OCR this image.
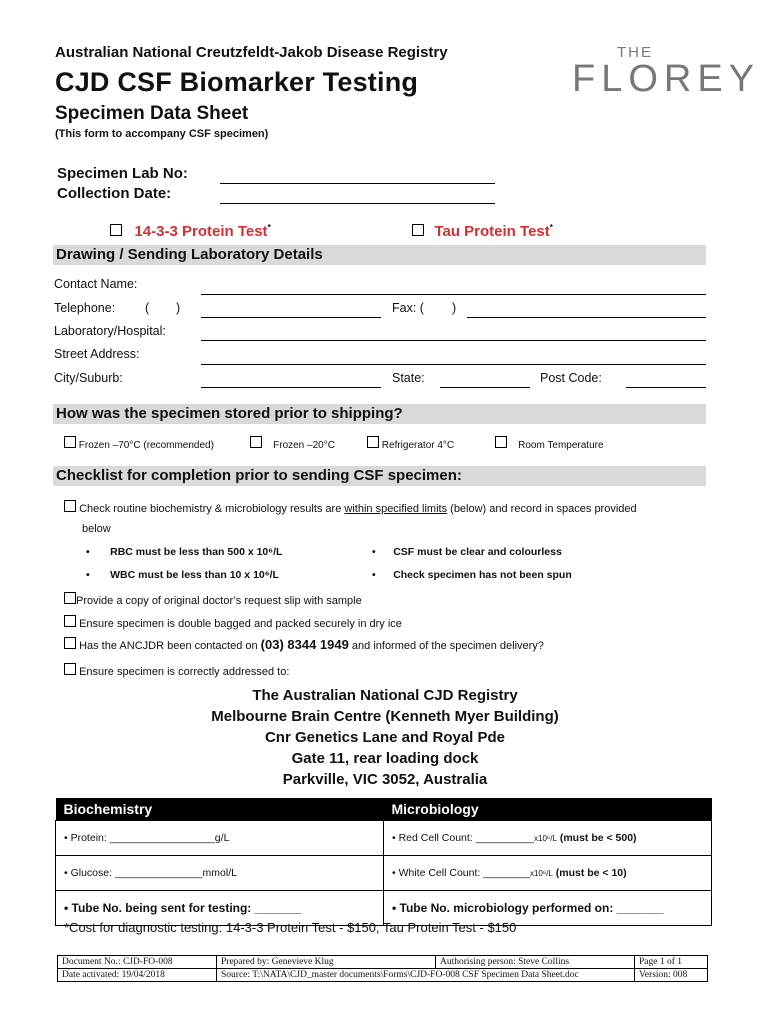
Australian National Creutzfeldt-Jakob Disease Registry
CJD CSF Biomarker Testing
Specimen Data Sheet
(This form to accompany CSF specimen)
THE
FLOREY
Specimen Lab No:
Collection Date:
14-3-3 Protein Test*	Tau Protein Test*
Drawing / Sending Laboratory Details
Contact Name:
Telephone: ( )	Fax: ( )
Laboratory/Hospital:
Street Address:
City/Suburb:	State:	Post Code:
How was the specimen stored prior to shipping?
Frozen –70°C (recommended)	Frozen –20°C	Refrigerator 4°C	Room Temperature
Checklist for completion prior to sending CSF specimen:
Check routine biochemistry & microbiology results are within specified limits (below) and record in spaces provided
below
•       RBC must be less than 500 x 10⁶/L	•      CSF must be clear and colourless
•       WBC must be less than 10 x 10⁶/L	•      Check specimen has not been spun
Provide a copy of original doctor’s request slip with sample
Ensure specimen is double bagged and packed securely in dry ice
Has the ANCJDR been contacted on (03) 8344 1949 and informed of the specimen delivery?
Ensure specimen is correctly addressed to:
The Australian National CJD Registry
Melbourne Brain Centre (Kenneth Myer Building)
Cnr Genetics Lane and Royal Pde
Gate 11, rear loading dock
Parkville, VIC 3052, Australia
Biochemistry	Microbiology
• Protein: __________________g/L	• Red Cell Count: __________x10⁶/L (must be < 500)
• Glucose: _______________mmol/L	• White Cell Count: ________x10⁶/L (must be < 10)
• Tube No. being sent for testing: _______	• Tube No. microbiology performed on: _______
*Cost for diagnostic testing: 14-3-3 Protein Test - $150, Tau Protein Test - $150
Document No.: CJD-FO-008	Prepared by: Genevieve Klug	Authorising person: Steve Collins	Page 1 of 1
Date activated: 19/04/2018	Source: T:\NATA\CJD_master documents\Forms\CJD-FO-008 CSF Specimen Data Sheet.doc		Version: 008
